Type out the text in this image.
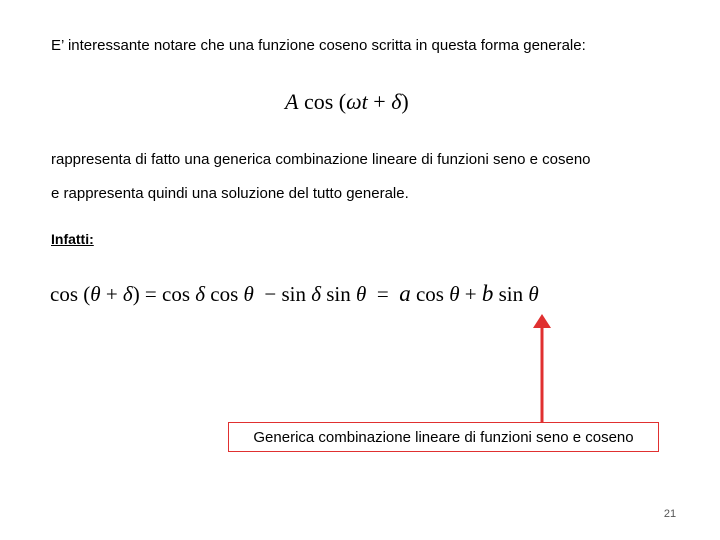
E’ interessante notare che una funzione coseno scritta in questa forma generale:
A cos (ωt + δ)
rappresenta di fatto una generica combinazione lineare di funzioni seno e coseno
e rappresenta quindi una soluzione del tutto generale.
Infatti:
cos (θ + δ) = cos δ cos θ  − sin δ sin θ  =  a cos θ + b sin θ
Generica combinazione lineare di funzioni seno e coseno
21
